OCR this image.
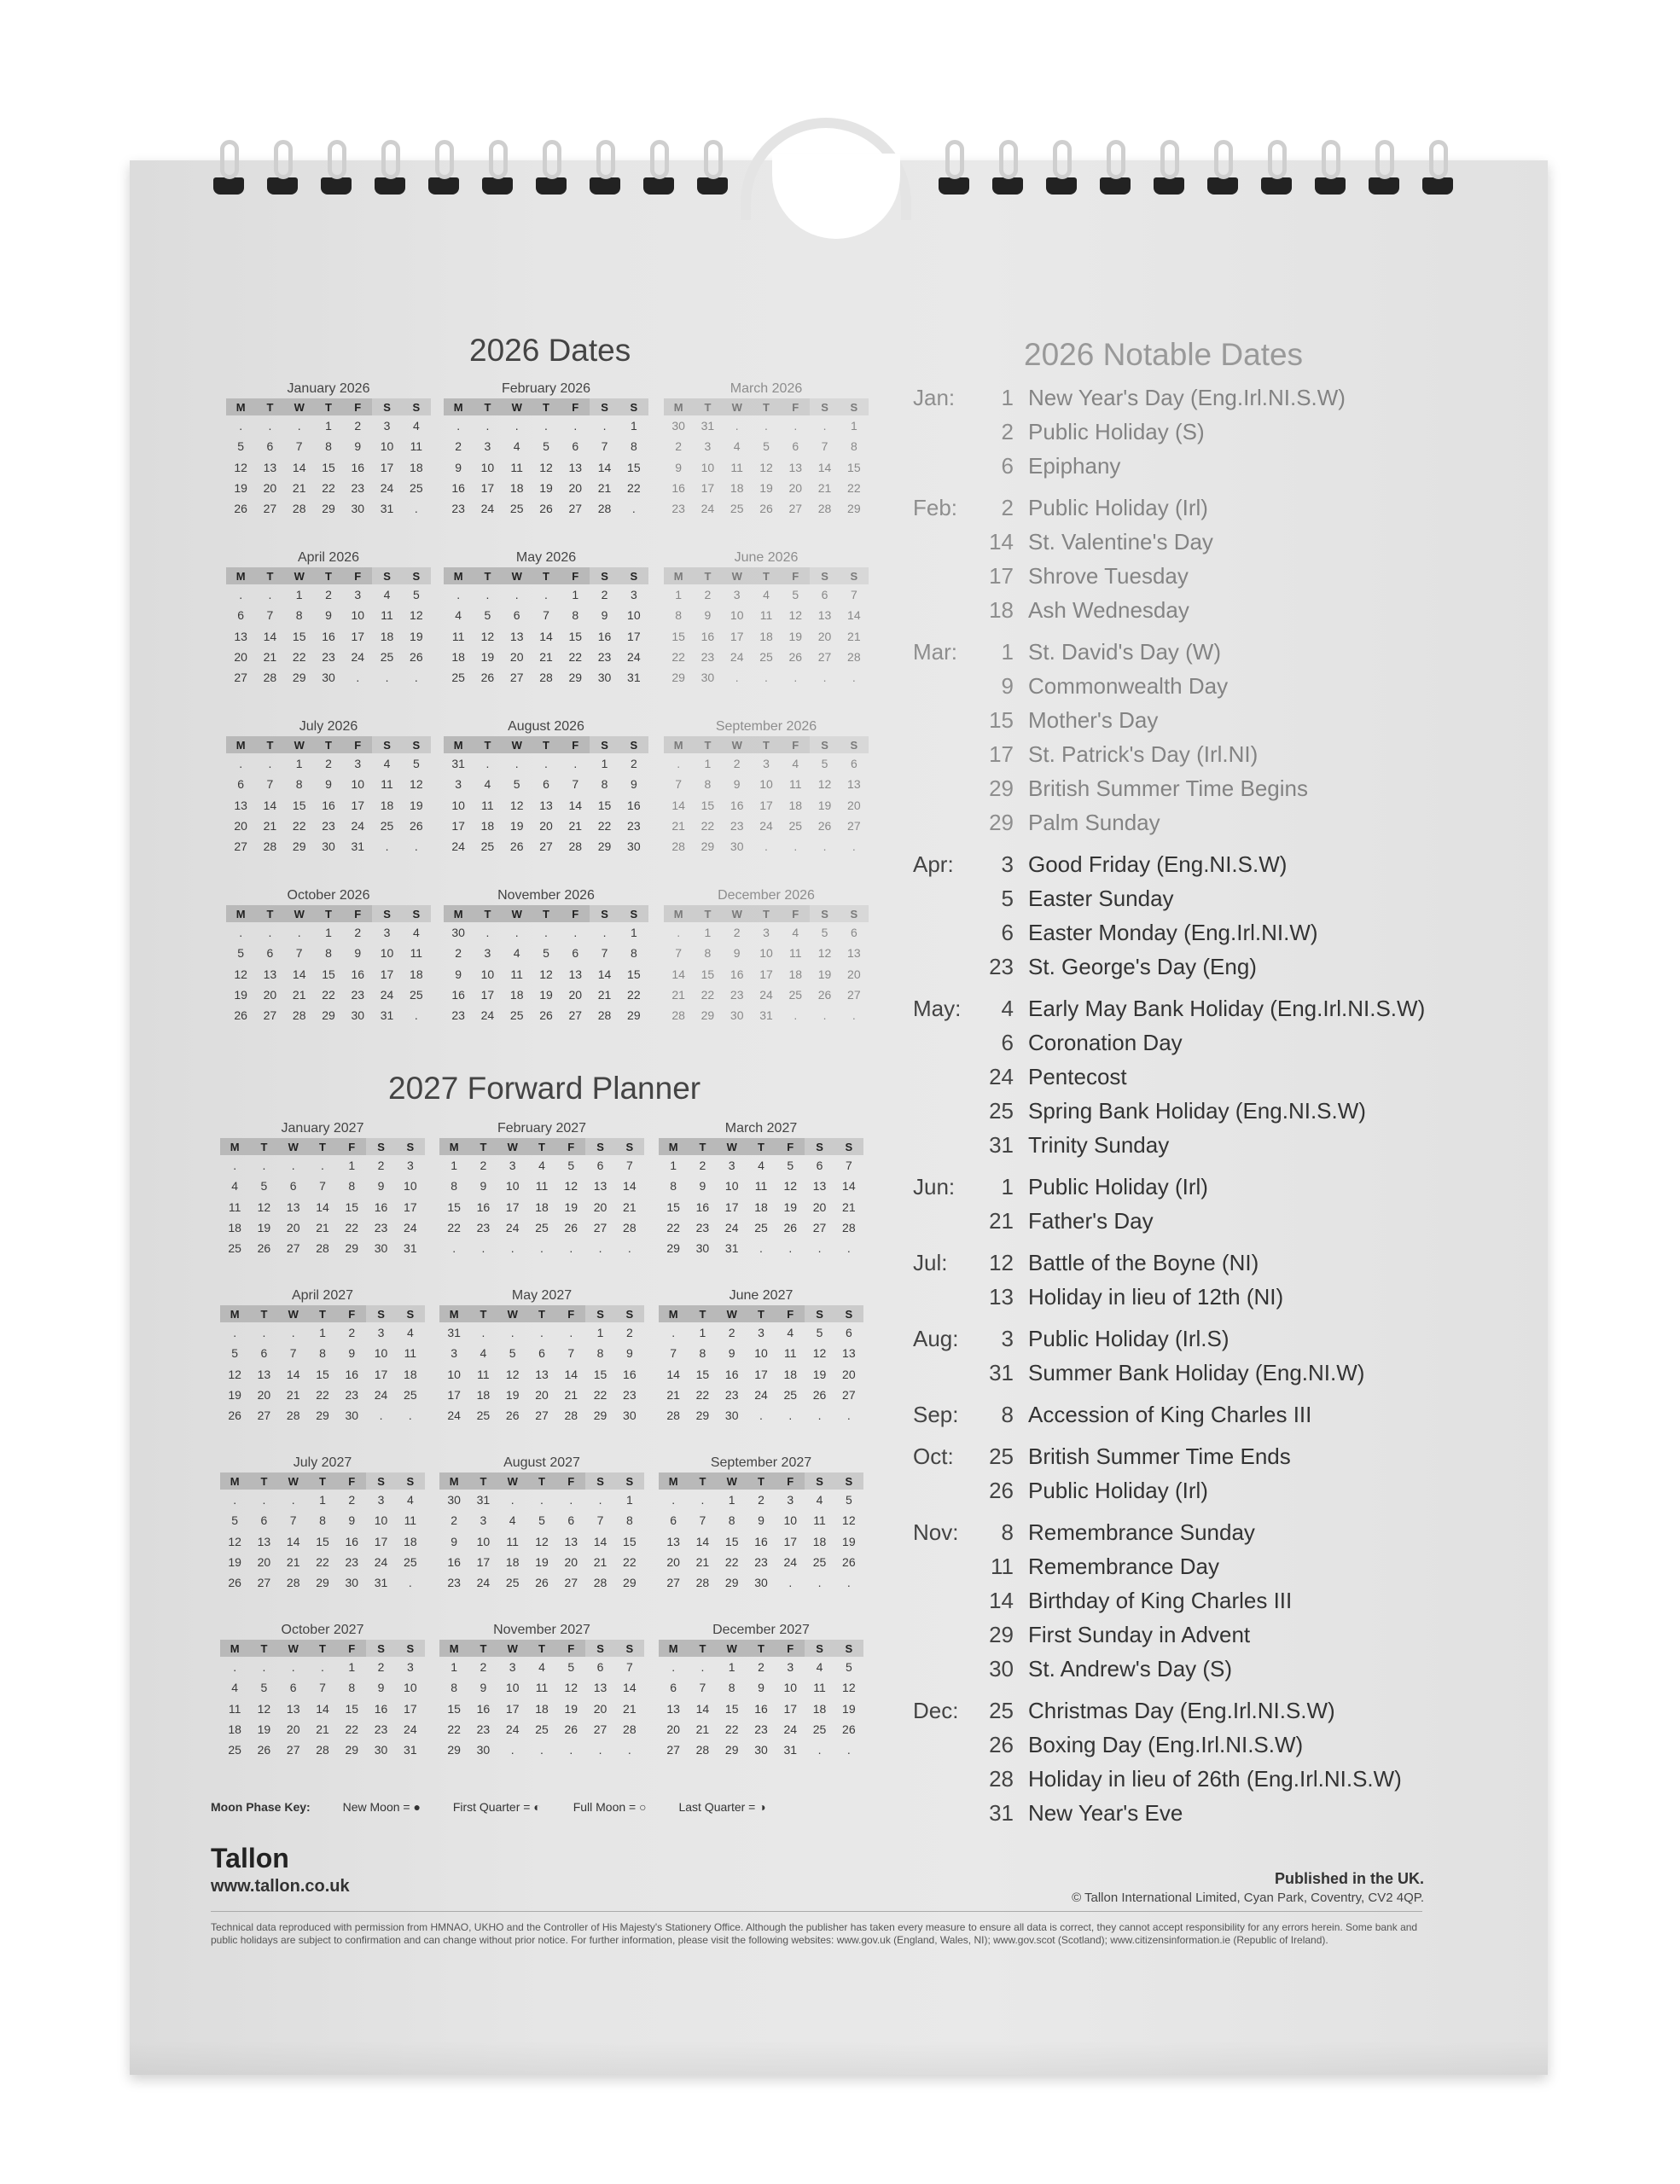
2026 Dates
January 2026
M	T	W	T	F	S	S
.	.	.	1	2	3	4
5	6	7	8	9	10	11
12	13	14	15	16	17	18
19	20	21	22	23	24	25
26	27	28	29	30	31	.
February 2026
M	T	W	T	F	S	S
.	.	.	.	.	.	1
2	3	4	5	6	7	8
9	10	11	12	13	14	15
16	17	18	19	20	21	22
23	24	25	26	27	28	.
March 2026
M	T	W	T	F	S	S
30	31	.	.	.	.	1
2	3	4	5	6	7	8
9	10	11	12	13	14	15
16	17	18	19	20	21	22
23	24	25	26	27	28	29
April 2026
M	T	W	T	F	S	S
.	.	1	2	3	4	5
6	7	8	9	10	11	12
13	14	15	16	17	18	19
20	21	22	23	24	25	26
27	28	29	30	.	.	.
May 2026
M	T	W	T	F	S	S
.	.	.	.	1	2	3
4	5	6	7	8	9	10
11	12	13	14	15	16	17
18	19	20	21	22	23	24
25	26	27	28	29	30	31
June 2026
M	T	W	T	F	S	S
1	2	3	4	5	6	7
8	9	10	11	12	13	14
15	16	17	18	19	20	21
22	23	24	25	26	27	28
29	30	.	.	.	.	.
July 2026
M	T	W	T	F	S	S
.	.	1	2	3	4	5
6	7	8	9	10	11	12
13	14	15	16	17	18	19
20	21	22	23	24	25	26
27	28	29	30	31	.	.
August 2026
M	T	W	T	F	S	S
31	.	.	.	.	1	2
3	4	5	6	7	8	9
10	11	12	13	14	15	16
17	18	19	20	21	22	23
24	25	26	27	28	29	30
September 2026
M	T	W	T	F	S	S
.	1	2	3	4	5	6
7	8	9	10	11	12	13
14	15	16	17	18	19	20
21	22	23	24	25	26	27
28	29	30	.	.	.	.
October 2026
M	T	W	T	F	S	S
.	.	.	1	2	3	4
5	6	7	8	9	10	11
12	13	14	15	16	17	18
19	20	21	22	23	24	25
26	27	28	29	30	31	.
November 2026
M	T	W	T	F	S	S
30	.	.	.	.	.	1
2	3	4	5	6	7	8
9	10	11	12	13	14	15
16	17	18	19	20	21	22
23	24	25	26	27	28	29
December 2026
M	T	W	T	F	S	S
.	1	2	3	4	5	6
7	8	9	10	11	12	13
14	15	16	17	18	19	20
21	22	23	24	25	26	27
28	29	30	31	.	.	.
2027 Forward Planner
January 2027
M	T	W	T	F	S	S
.	.	.	.	1	2	3
4	5	6	7	8	9	10
11	12	13	14	15	16	17
18	19	20	21	22	23	24
25	26	27	28	29	30	31
February 2027
M	T	W	T	F	S	S
1	2	3	4	5	6	7
8	9	10	11	12	13	14
15	16	17	18	19	20	21
22	23	24	25	26	27	28
.	.	.	.	.	.	.
March 2027
M	T	W	T	F	S	S
1	2	3	4	5	6	7
8	9	10	11	12	13	14
15	16	17	18	19	20	21
22	23	24	25	26	27	28
29	30	31	.	.	.	.
April 2027
M	T	W	T	F	S	S
.	.	.	1	2	3	4
5	6	7	8	9	10	11
12	13	14	15	16	17	18
19	20	21	22	23	24	25
26	27	28	29	30	.	.
May 2027
M	T	W	T	F	S	S
31	.	.	.	.	1	2
3	4	5	6	7	8	9
10	11	12	13	14	15	16
17	18	19	20	21	22	23
24	25	26	27	28	29	30
June 2027
M	T	W	T	F	S	S
.	1	2	3	4	5	6
7	8	9	10	11	12	13
14	15	16	17	18	19	20
21	22	23	24	25	26	27
28	29	30	.	.	.	.
July 2027
M	T	W	T	F	S	S
.	.	.	1	2	3	4
5	6	7	8	9	10	11
12	13	14	15	16	17	18
19	20	21	22	23	24	25
26	27	28	29	30	31	.
August 2027
M	T	W	T	F	S	S
30	31	.	.	.	.	1
2	3	4	5	6	7	8
9	10	11	12	13	14	15
16	17	18	19	20	21	22
23	24	25	26	27	28	29
September 2027
M	T	W	T	F	S	S
.	.	1	2	3	4	5
6	7	8	9	10	11	12
13	14	15	16	17	18	19
20	21	22	23	24	25	26
27	28	29	30	.	.	.
October 2027
M	T	W	T	F	S	S
.	.	.	.	1	2	3
4	5	6	7	8	9	10
11	12	13	14	15	16	17
18	19	20	21	22	23	24
25	26	27	28	29	30	31
November 2027
M	T	W	T	F	S	S
1	2	3	4	5	6	7
8	9	10	11	12	13	14
15	16	17	18	19	20	21
22	23	24	25	26	27	28
29	30	.	.	.	.	.
December 2027
M	T	W	T	F	S	S
.	.	1	2	3	4	5
6	7	8	9	10	11	12
13	14	15	16	17	18	19
20	21	22	23	24	25	26
27	28	29	30	31	.	.
2026 Notable Dates
Jan:	1 New Year's Day (Eng.Irl.NI.S.W)
2 Public Holiday (S)
6 Epiphany
Feb:	2 Public Holiday (Irl)
14 St. Valentine's Day
17 Shrove Tuesday
18 Ash Wednesday
Mar:	1 St. David's Day (W)
9 Commonwealth Day
15 Mother's Day
17 St. Patrick's Day (Irl.NI)
29 British Summer Time Begins
29 Palm Sunday
Apr:	3 Good Friday (Eng.NI.S.W)
5 Easter Sunday
6 Easter Monday (Eng.Irl.NI.W)
23 St. George's Day (Eng)
May:	4 Early May Bank Holiday (Eng.Irl.NI.S.W)
6 Coronation Day
24 Pentecost
25 Spring Bank Holiday (Eng.NI.S.W)
31 Trinity Sunday
Jun:	1 Public Holiday (Irl)
21 Father's Day
Jul:	12 Battle of the Boyne (NI)
13 Holiday in lieu of 12th (NI)
Aug:	3 Public Holiday (Irl.S)
31 Summer Bank Holiday (Eng.NI.W)
Sep:	8 Accession of King Charles III
Oct:	25 British Summer Time Ends
26 Public Holiday (Irl)
Nov:	8 Remembrance Sunday
11 Remembrance Day
14 Birthday of King Charles III
29 First Sunday in Advent
30 St. Andrew's Day (S)
Dec:	25 Christmas Day (Eng.Irl.NI.S.W)
26 Boxing Day (Eng.Irl.NI.S.W)
28 Holiday in lieu of 26th (Eng.Irl.NI.S.W)
31 New Year's Eve
Moon Phase Key:	New Moon = ●	First Quarter = ◐	Full Moon = ○	Last Quarter = ◑
Tallon
www.tallon.co.uk	Published in the UK.
© Tallon International Limited, Cyan Park, Coventry, CV2 4QP.
Technical data reproduced with permission from HMNAO, UKHO and the Controller of His Majesty's Stationery Office. Although the publisher has taken every measure to ensure all data is correct, they cannot accept responsibility for any errors herein. Some bank and public holidays are subject to confirmation and can change without prior notice. For further information, please visit the following websites: www.gov.uk (England, Wales, NI); www.gov.scot (Scotland); www.citizensinformation.ie (Republic of Ireland).
